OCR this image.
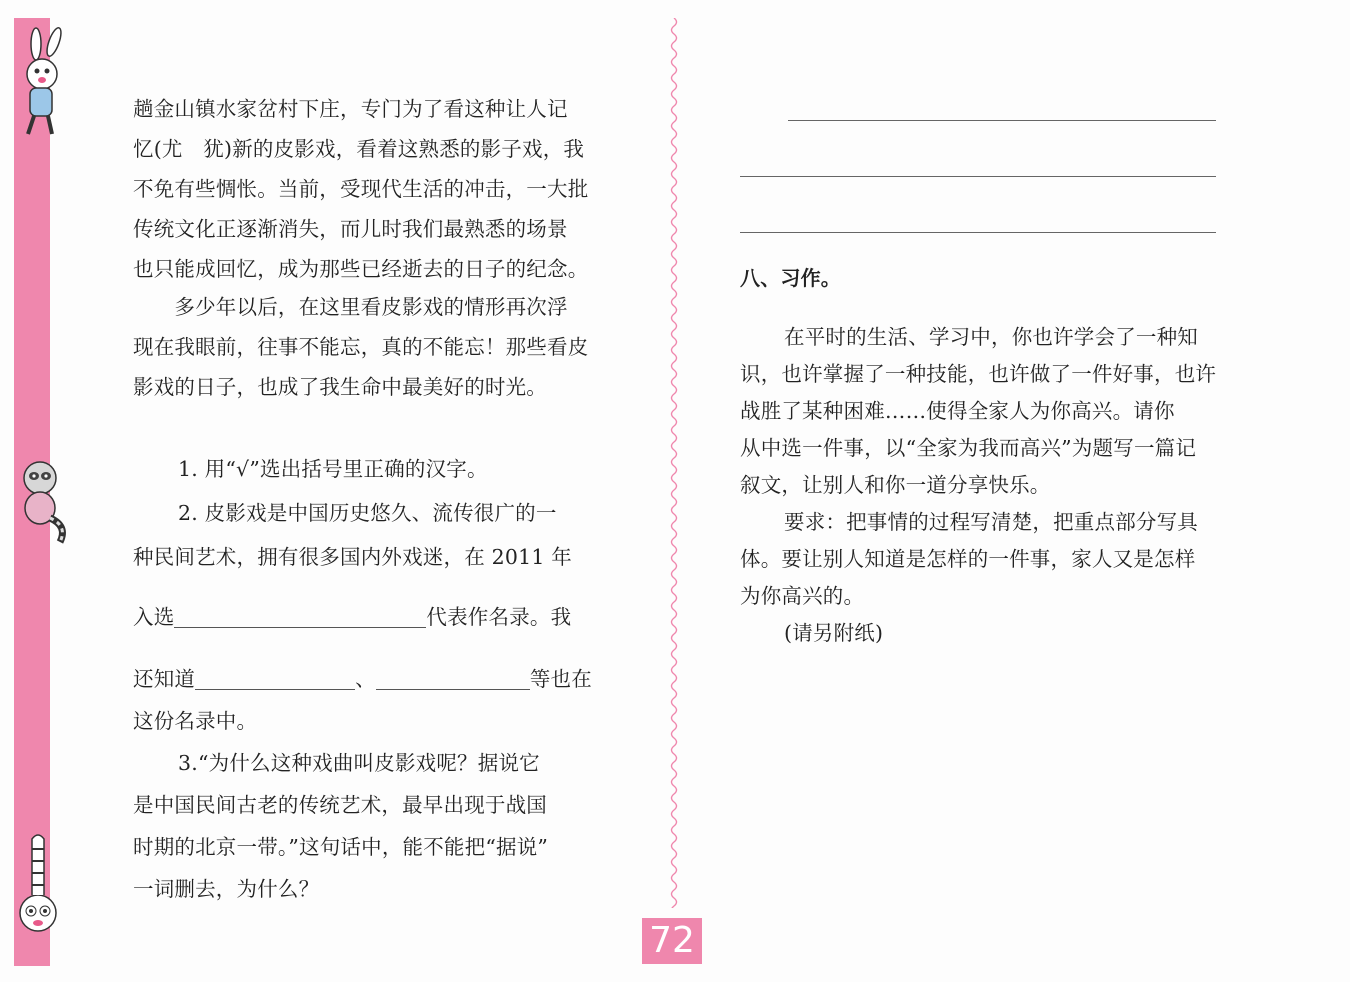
趟金山镇水家岔村下庄，专门为了看这种让人记
忆(尤　犹)新的皮影戏，看着这熟悉的影子戏，我
不免有些惆怅。当前，受现代生活的冲击，一大批
传统文化正逐渐消失，而儿时我们最熟悉的场景
也只能成回忆，成为那些已经逝去的日子的纪念。
　　多少年以后，在这里看皮影戏的情形再次浮
现在我眼前，往事不能忘，真的不能忘！那些看皮
影戏的日子，也成了我生命中最美好的时光。
1. 用“√”选出括号里正确的汉字。
2. 皮影戏是中国历史悠久、流传很广的一
种民间艺术，拥有很多国内外戏迷，在 2011 年
入选	代表作名录。我
还知道	、	等也在
这份名录中。
3.“为什么这种戏曲叫皮影戏呢？据说它
是中国民间古老的传统艺术，最早出现于战国
时期的北京一带。”这句话中，能不能把“据说”
一词删去，为什么？
八、习作。
在平时的生活、学习中，你也许学会了一种知
识，也许掌握了一种技能，也许做了一件好事，也许
战胜了某种困难……使得全家人为你高兴。请你
从中选一件事，以“全家为我而高兴”为题写一篇记
叙文，让别人和你一道分享快乐。
要求：把事情的过程写清楚，把重点部分写具
体。要让别人知道是怎样的一件事，家人又是怎样
为你高兴的。
(请另附纸)
72
